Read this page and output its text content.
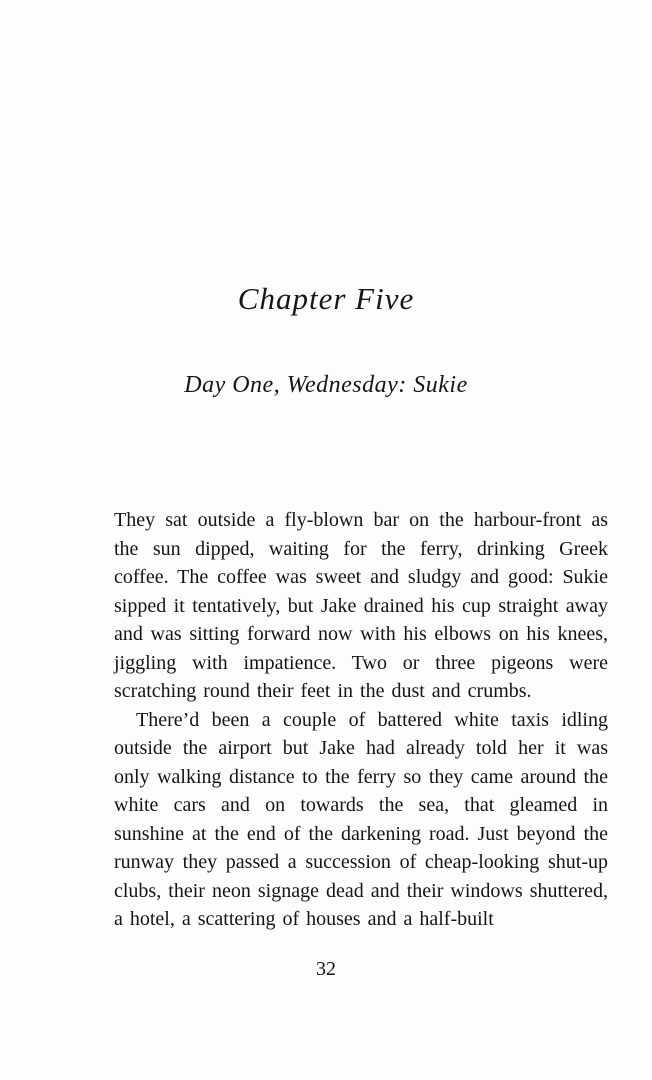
Chapter Five
Day One, Wednesday: Sukie

They sat outside a fly-blown bar on the harbour-front as the sun dipped, waiting for the ferry, drinking Greek coffee. The coffee was sweet and sludgy and good: Sukie sipped it tentatively, but Jake drained his cup straight away and was sitting forward now with his elbows on his knees, jiggling with impatience. Two or three pigeons were scratching round their feet in the dust and crumbs.

There’d been a couple of battered white taxis idling outside the airport but Jake had already told her it was only walking distance to the ferry so they came around the white cars and on towards the sea, that gleamed in sunshine at the end of the darkening road. Just beyond the runway they passed a succession of cheap-looking shut-up clubs, their neon signage dead and their windows shuttered, a hotel, a scattering of houses and a half-built

32
